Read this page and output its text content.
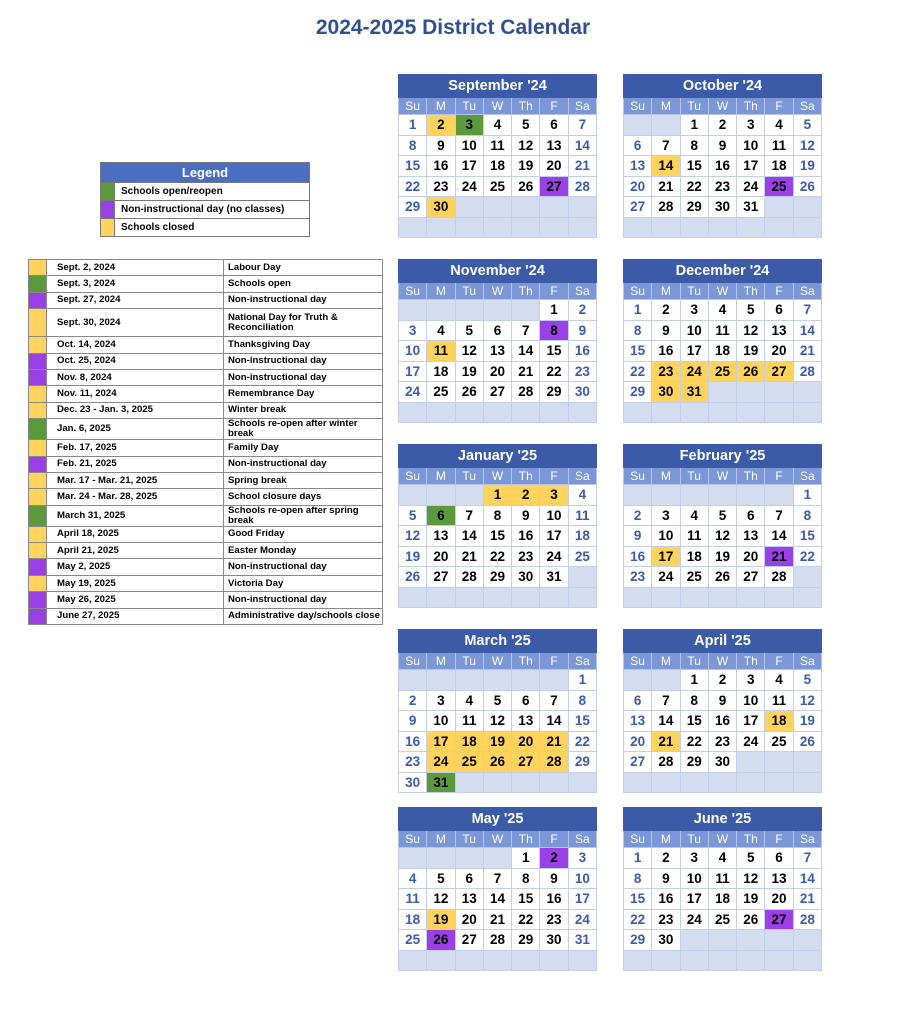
2024-2025 District Calendar
Legend	
	Schools open/reopen
	Non-instructional day (no classes)
	Schools closed
	Sept. 2, 2024	Labour Day
	Sept. 3, 2024	Schools open
	Sept. 27, 2024	Non-instructional day
	Sept. 30, 2024	National Day for Truth & Reconciliation
	Oct. 14, 2024	Thanksgiving Day
	Oct. 25, 2024	Non-instructional day
	Nov. 8, 2024	Non-instructional day
	Nov. 11, 2024	Remembrance Day
	Dec. 23 - Jan. 3, 2025	Winter break
	Jan. 6, 2025	Schools re-open after winter break
	Feb. 17, 2025	Family Day
	Feb. 21, 2025	Non-instructional day
	Mar. 17 - Mar. 21, 2025	Spring break
	Mar. 24 - Mar. 28, 2025	School closure days
	March 31, 2025	Schools re-open after spring break
	April 18, 2025	Good Friday
	April 21, 2025	Easter Monday
	May 2, 2025	Non-instructional day
	May 19, 2025	Victoria Day
	May 26, 2025	Non-instructional day
	June 27, 2025	Administrative day/schools close
September '24						
Su	M	Tu	W	Th	F	Sa
1	2	3	4	5	6	7
8	9	10	11	12	13	14
15	16	17	18	19	20	21
22	23	24	25	26	27	28
29	30					

October '24						
Su	M	Tu	W	Th	F	Sa
		1	2	3	4	5
6	7	8	9	10	11	12
13	14	15	16	17	18	19
20	21	22	23	24	25	26
27	28	29	30	31		

November '24						
Su	M	Tu	W	Th	F	Sa
					1	2
3	4	5	6	7	8	9
10	11	12	13	14	15	16
17	18	19	20	21	22	23
24	25	26	27	28	29	30

December '24						
Su	M	Tu	W	Th	F	Sa
1	2	3	4	5	6	7
8	9	10	11	12	13	14
15	16	17	18	19	20	21
22	23	24	25	26	27	28
29	30	31				

January '25						
Su	M	Tu	W	Th	F	Sa
			1	2	3	4
5	6	7	8	9	10	11
12	13	14	15	16	17	18
19	20	21	22	23	24	25
26	27	28	29	30	31	

February '25						
Su	M	Tu	W	Th	F	Sa
						1
2	3	4	5	6	7	8
9	10	11	12	13	14	15
16	17	18	19	20	21	22
23	24	25	26	27	28	

March '25						
Su	M	Tu	W	Th	F	Sa
						1
2	3	4	5	6	7	8
9	10	11	12	13	14	15
16	17	18	19	20	21	22
23	24	25	26	27	28	29
30	31					
April '25						
Su	M	Tu	W	Th	F	Sa
		1	2	3	4	5
6	7	8	9	10	11	12
13	14	15	16	17	18	19
20	21	22	23	24	25	26
27	28	29	30			

May '25						
Su	M	Tu	W	Th	F	Sa
				1	2	3
4	5	6	7	8	9	10
11	12	13	14	15	16	17
18	19	20	21	22	23	24
25	26	27	28	29	30	31

June '25						
Su	M	Tu	W	Th	F	Sa
1	2	3	4	5	6	7
8	9	10	11	12	13	14
15	16	17	18	19	20	21
22	23	24	25	26	27	28
29	30					
